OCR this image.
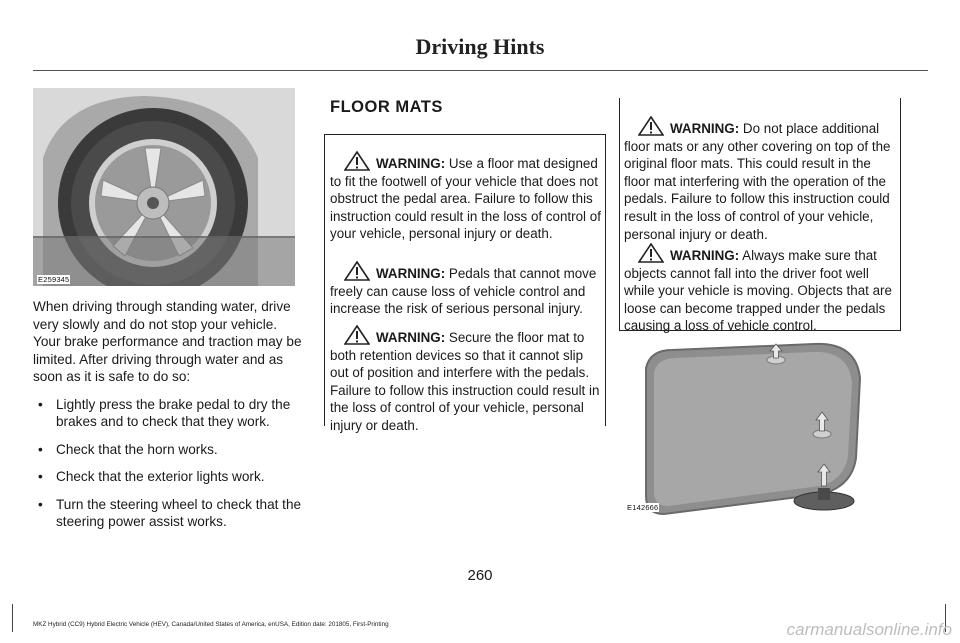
Driving Hints
E259345

When driving through standing water, drive very slowly and do not stop your vehicle. Your brake performance and traction may be limited. After driving through water and as soon as it is safe to do so:

• Lightly press the brake pedal to dry the brakes and to check that they work.
• Check that the horn works.
• Check that the exterior lights work.
• Turn the steering wheel to check that the steering power assist works.
FLOOR MATS
WARNING: Use a floor mat designed to fit the footwell of your vehicle that does not obstruct the pedal area. Failure to follow this instruction could result in the loss of control of your vehicle, personal injury or death.
WARNING: Pedals that cannot move freely can cause loss of vehicle control and increase the risk of serious personal injury.
WARNING: Secure the floor mat to both retention devices so that it cannot slip out of position and interfere with the pedals. Failure to follow this instruction could result in the loss of control of your vehicle, personal injury or death.
WARNING: Do not place additional floor mats or any other covering on top of the original floor mats. This could result in the floor mat interfering with the operation of the pedals. Failure to follow this instruction could result in the loss of control of your vehicle, personal injury or death.
WARNING: Always make sure that objects cannot fall into the driver foot well while your vehicle is moving. Objects that are loose can become trapped under the pedals causing a loss of vehicle control.
E142666
260
MKZ Hybrid (CC9) Hybrid Electric Vehicle (HEV), Canada/United States of America, enUSA, Edition date: 201805, First-Printing	carmanualsonline.info
